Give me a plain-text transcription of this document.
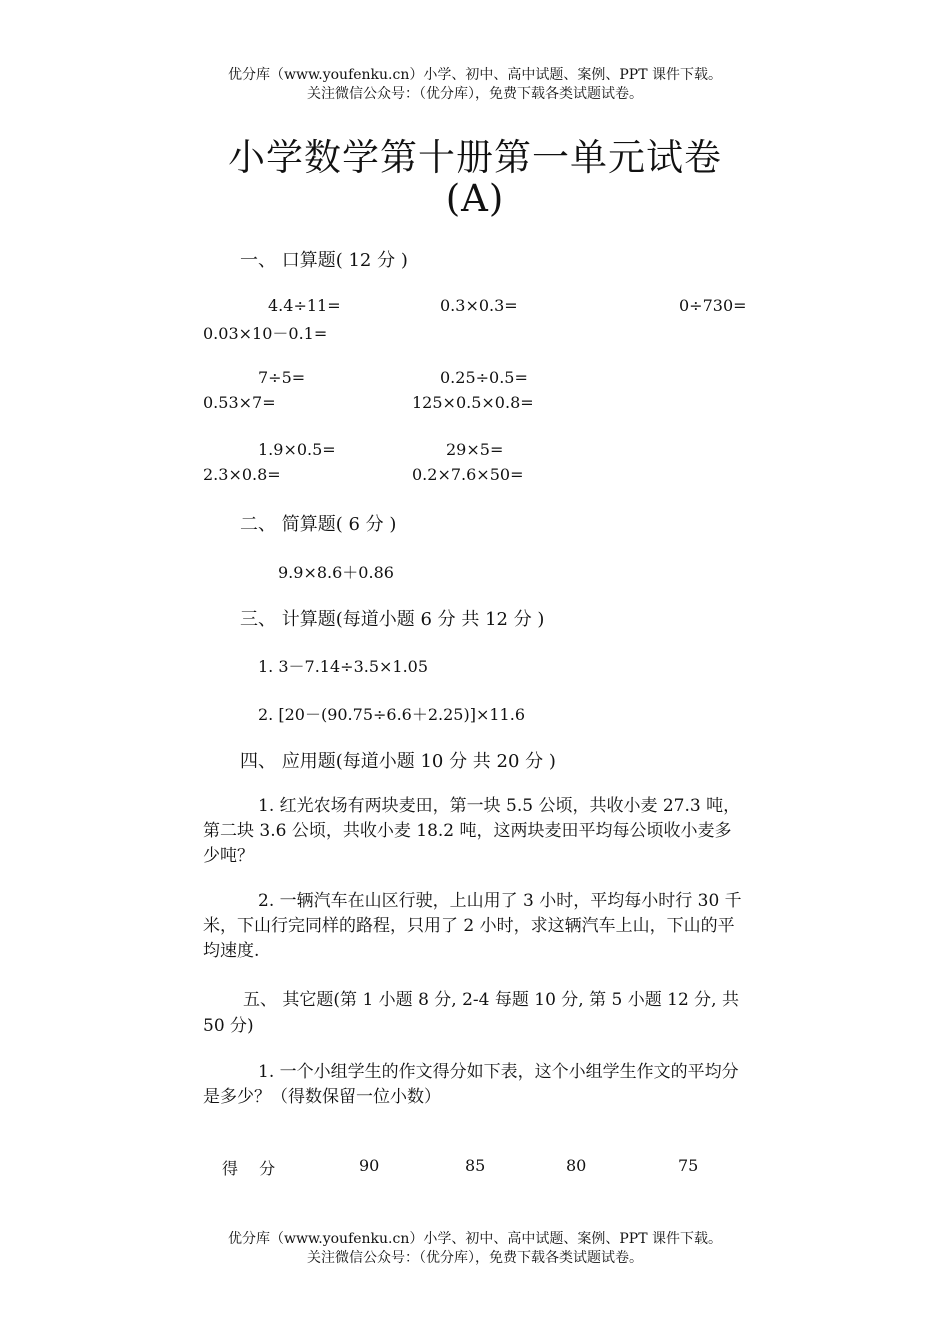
优分库（www.youfenku.cn）小学、初中、高中试题、案例、PPT 课件下载。
关注微信公众号：（优分库），免费下载各类试题试卷。
小学数学第十册第一单元试卷
(A)
一、 口算题( 12 分 )
4.4÷11=	0.3×0.3=	0÷730=
0.03×10－0.1=
7÷5=	0.25÷0.5=
0.53×7=	125×0.5×0.8=
1.9×0.5=	29×5=
2.3×0.8=	0.2×7.6×50=
二、 简算题( 6 分 )
9.9×8.6＋0.86
三、 计算题(每道小题 6 分 共 12 分 )
1. 3－7.14÷3.5×1.05
2. [20－(90.75÷6.6＋2.25)]×11.6
四、 应用题(每道小题 10 分 共 20 分 )
1. 红光农场有两块麦田，第一块 5.5 公顷，共收小麦 27.3 吨，第二块 3.6 公顷，共收小麦 18.2 吨，这两块麦田平均每公顷收小麦多少吨？
2. 一辆汽车在山区行驶，上山用了 3 小时，平均每小时行 30 千米，下山行完同样的路程，只用了 2 小时，求这辆汽车上山，下山的平均速度.
五、 其它题(第 1 小题 8 分, 2-4 每题 10 分, 第 5 小题 12 分, 共 50 分)
1. 一个小组学生的作文得分如下表，这个小组学生作文的平均分是多少？（得数保留一位小数）
得　 分	90	85	80	75
优分库（www.youfenku.cn）小学、初中、高中试题、案例、PPT 课件下载。
关注微信公众号：（优分库），免费下载各类试题试卷。
